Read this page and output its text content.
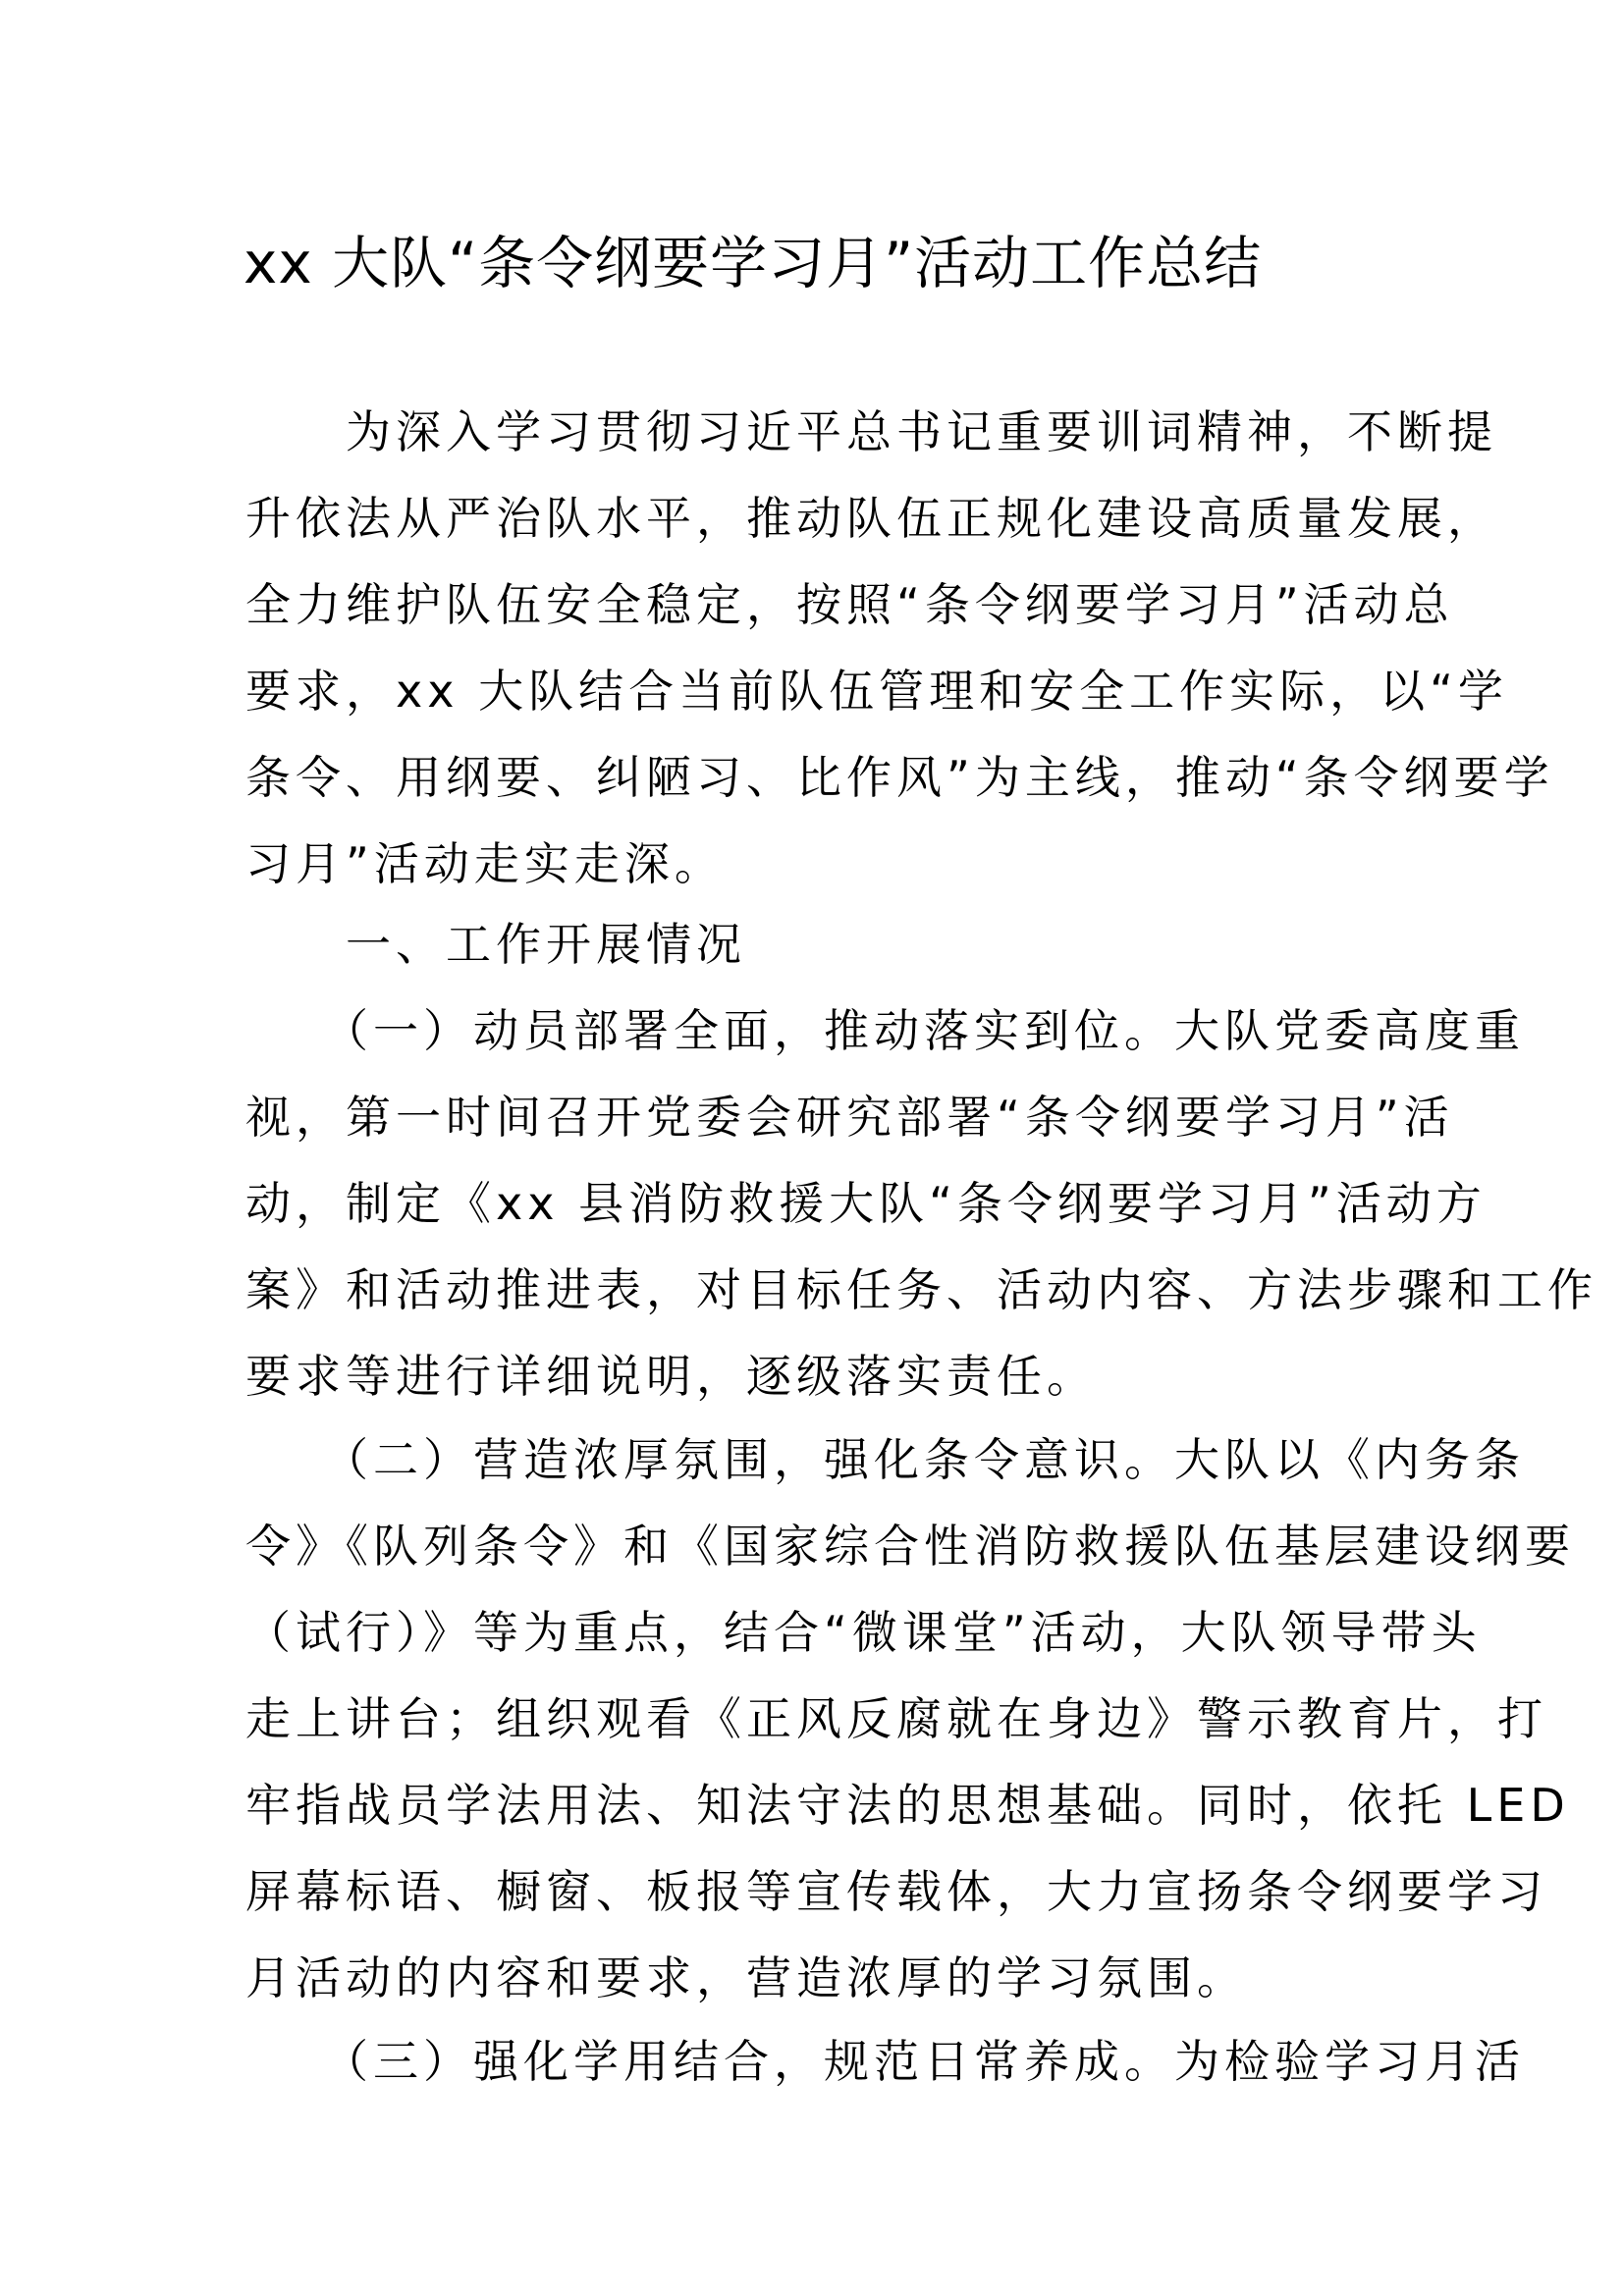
xx 大队“条令纲要学习月”活动工作总结
　　为深入学习贯彻习近平总书记重要训词精神，不断提
升依法从严治队水平，推动队伍正规化建设高质量发展，
全力维护队伍安全稳定，按照“条令纲要学习月”活动总
要求，xx 大队结合当前队伍管理和安全工作实际，以“学
条令、用纲要、纠陋习、比作风”为主线，推动“条令纲要学
习月”活动走实走深。
　　一、工作开展情况
　　（一）动员部署全面，推动落实到位。大队党委高度重
视，第一时间召开党委会研究部署“条令纲要学习月”活
动，制定《xx 县消防救援大队“条令纲要学习月”活动方
案》和活动推进表，对目标任务、活动内容、方法步骤和工作
要求等进行详细说明，逐级落实责任。
　　（二）营造浓厚氛围，强化条令意识。大队以《内务条
令》《队列条令》和《国家综合性消防救援队伍基层建设纲要
（试行）》等为重点，结合“微课堂”活动，大队领导带头
走上讲台；组织观看《正风反腐就在身边》警示教育片，打
牢指战员学法用法、知法守法的思想基础。同时，依托 LED
屏幕标语、橱窗、板报等宣传载体，大力宣扬条令纲要学习
月活动的内容和要求，营造浓厚的学习氛围。
　　（三）强化学用结合，规范日常养成。为检验学习月活
